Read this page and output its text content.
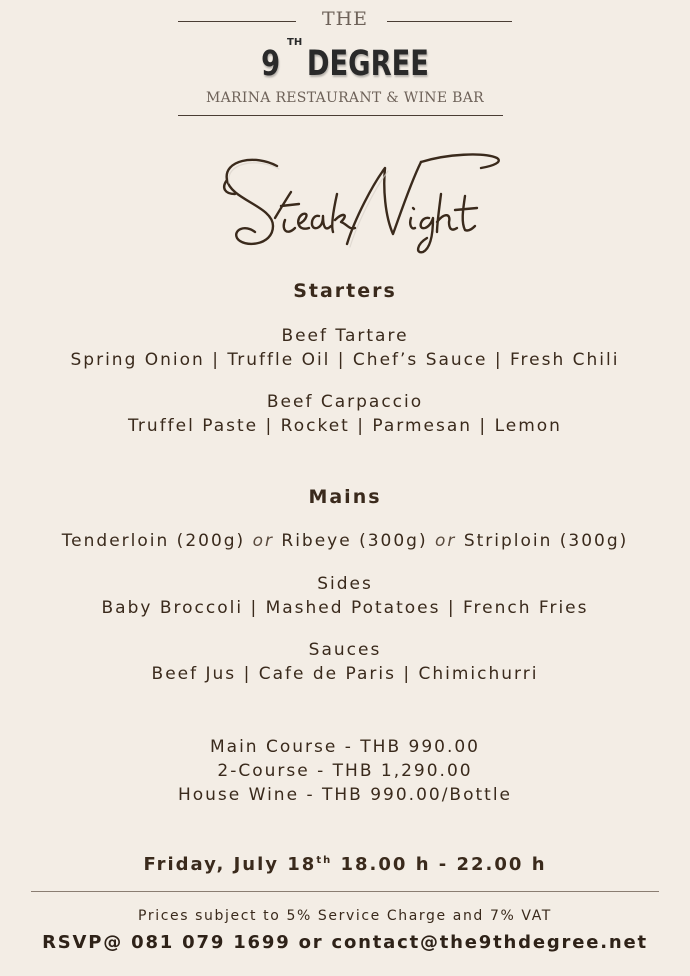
THE
9 DEGREE
TH
MARINA RESTAURANT & WINE BAR
Starters
Beef Tartare
Spring Onion | Truffle Oil | Chef’s Sauce | Fresh Chili
Beef Carpaccio
Truffel Paste | Rocket | Parmesan | Lemon
Mains
Tenderloin (200g) or Ribeye (300g) or Striploin (300g)
Sides
Baby Broccoli | Mashed Potatoes | French Fries
Sauces
Beef Jus | Cafe de Paris | Chimichurri
Main Course - THB 990.00
2-Course - THB 1,290.00
House Wine - THB 990.00/Bottle
Friday, July 18th 18.00 h - 22.00 h
Prices subject to 5% Service Charge and 7% VAT
RSVP@ 081 079 1699 or contact@the9thdegree.net
